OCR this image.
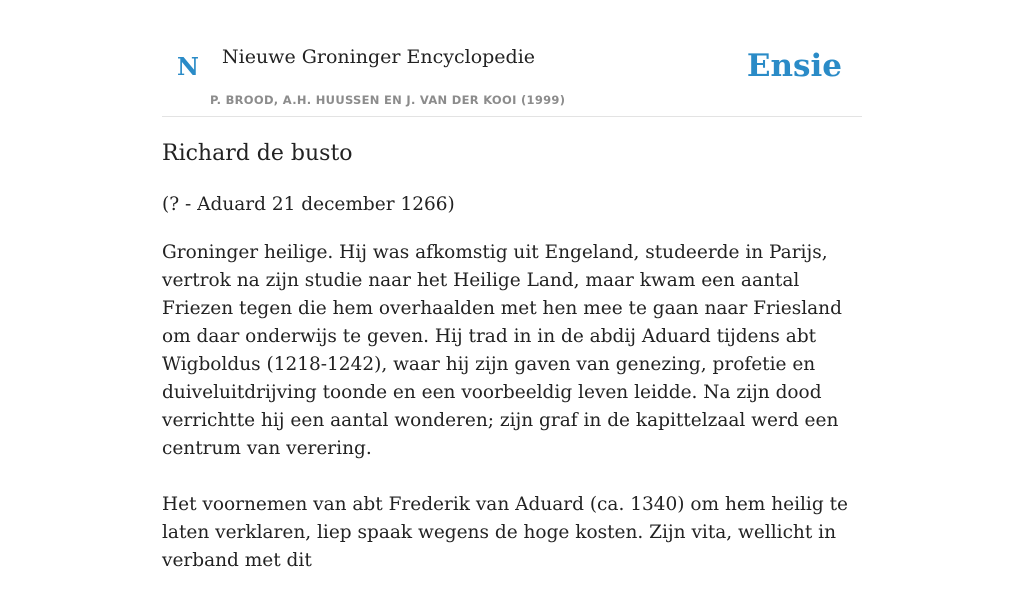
N Nieuwe Groninger Encyclopedie
P. BROOD, A.H. HUUSSEN EN J. VAN DER KOOI (1999)
Ensie
Richard de busto
(? - Aduard 21 december 1266)

Groninger heilige. Hij was afkomstig uit Engeland, studeerde in Parijs, vertrok na zijn studie naar het Heilige Land, maar kwam een aantal Friezen tegen die hem overhaalden met hen mee te gaan naar Friesland om daar onderwijs te geven. Hij trad in in de abdij Aduard tijdens abt Wigboldus (1218-1242), waar hij zijn gaven van genezing, profetie en duiveluitdrijving toonde en een voorbeeldig leven leidde. Na zijn dood verrichtte hij een aantal wonderen; zijn graf in de kapittelzaal werd een centrum van verering.

Het voornemen van abt Frederik van Aduard (ca. 1340) om hem heilig te laten verklaren, liep spaak wegens de hoge kosten. Zijn vita, wellicht in verband met dit
